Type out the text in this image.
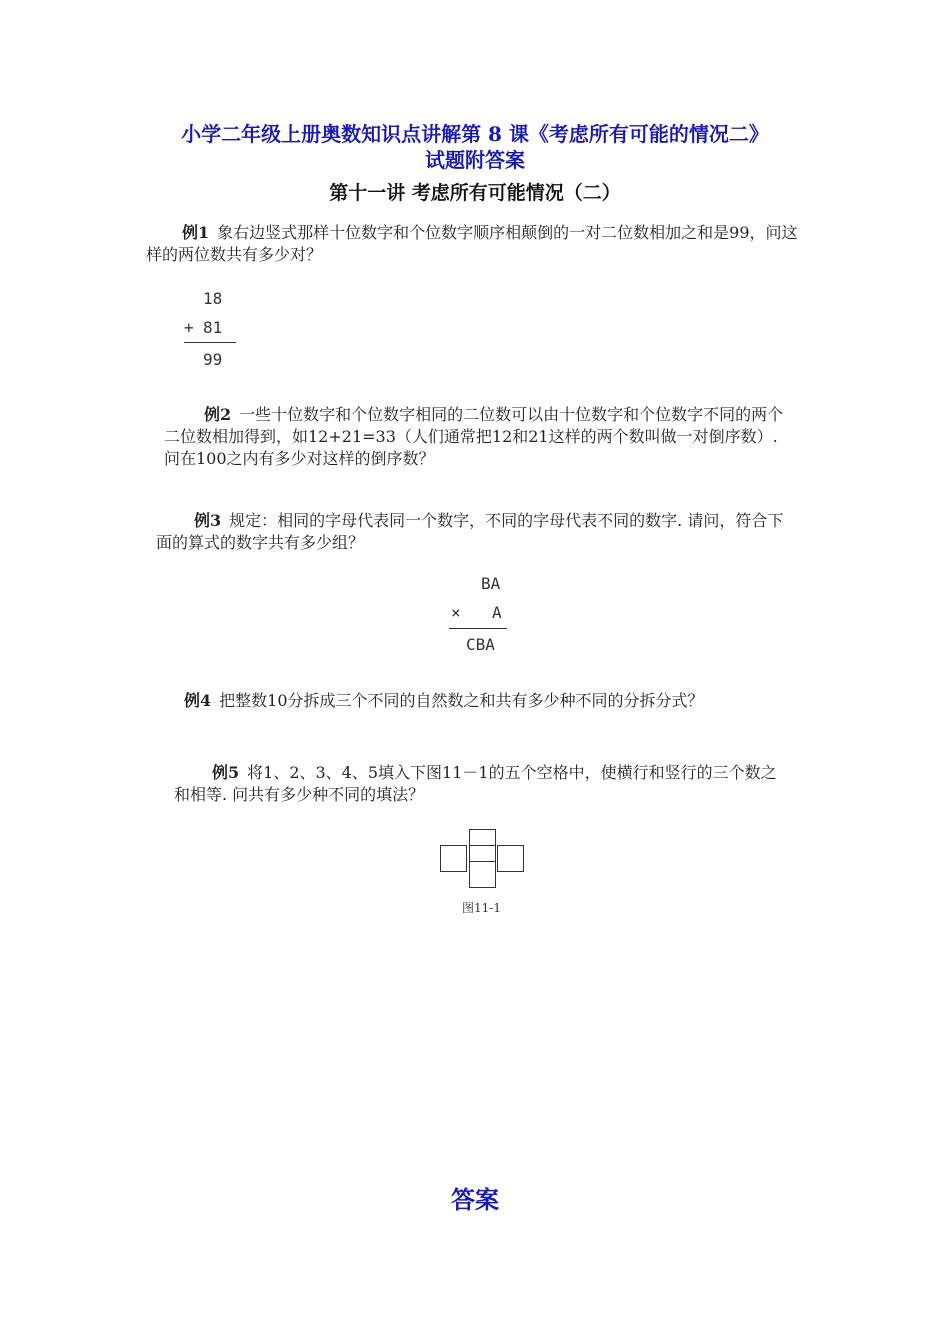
小学二年级上册奥数知识点讲解第 8 课《考虑所有可能的情况二》
试题附答案
第十一讲 考虑所有可能情况（二）
例1 象右边竖式那样十位数字和个位数字顺序相颠倒的一对二位数相加之和是99，问这样的两位数共有多少对？
18
+ 81
99
例2 一些十位数字和个位数字相同的二位数可以由十位数字和个位数字不同的两个二位数相加得到，如12+21=33（人们通常把12和21这样的两个数叫做一对倒序数）. 问在100之内有多少对这样的倒序数？
例3 规定：相同的字母代表同一个数字，不同的字母代表不同的数字. 请问，符合下面的算式的数字共有多少组？
BA
× A
CBA
例4 把整数10分拆成三个不同的自然数之和共有多少种不同的分拆分式？
例5 将1、2、3、4、5填入下图11－1的五个空格中，使横行和竖行的三个数之和相等. 问共有多少种不同的填法？
图11-1
答案
